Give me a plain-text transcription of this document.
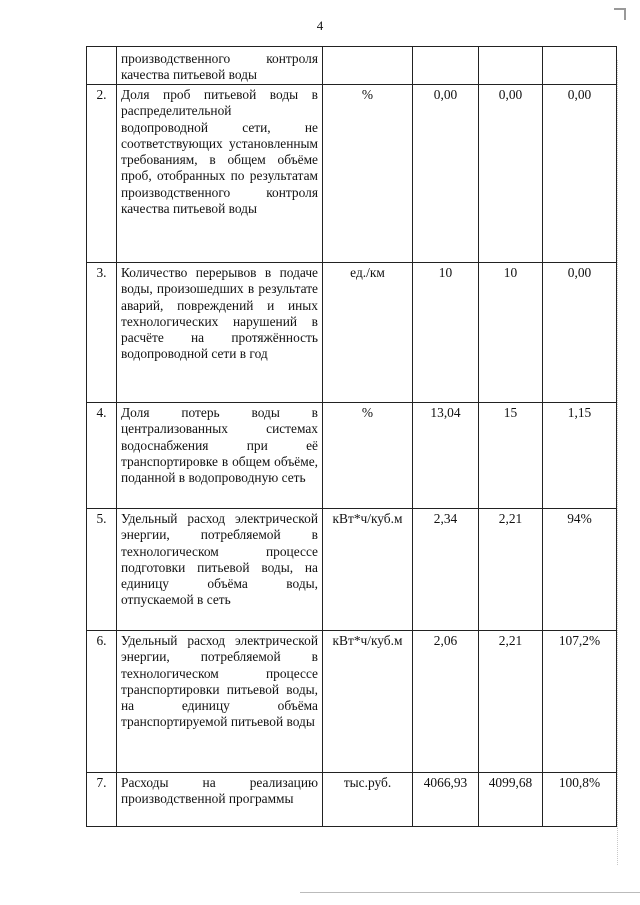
4
	производственного контроля качества питьевой воды				
2.	Доля проб питьевой воды в распределительной водопроводной сети, не соответствующих установленным требованиям, в общем объёме проб, отобранных по результатам производственного контроля качества питьевой воды	%	0,00	0,00	0,00
3.	Количество перерывов в подаче воды, произошедших в результате аварий, повреждений и иных технологических нарушений в расчёте на протяжённость водопроводной сети в год	ед./км	10	10	0,00
4.	Доля потерь воды в централизованных системах водоснабжения при её транспортировке в общем объёме, поданной в водопроводную сеть	%	13,04	15	1,15
5.	Удельный расход электрической энергии, потребляемой в технологическом процессе подготовки питьевой воды, на единицу объёма воды, отпускаемой в сеть	кВт*ч/куб.м	2,34	2,21	94%
6.	Удельный расход электрической энергии, потребляемой в технологическом процессе транспортировки питьевой воды, на единицу объёма транспортируемой питьевой воды	кВт*ч/куб.м	2,06	2,21	107,2%
7.	Расходы на реализацию производственной программы	тыс.руб.	4066,93	4099,68	100,8%
